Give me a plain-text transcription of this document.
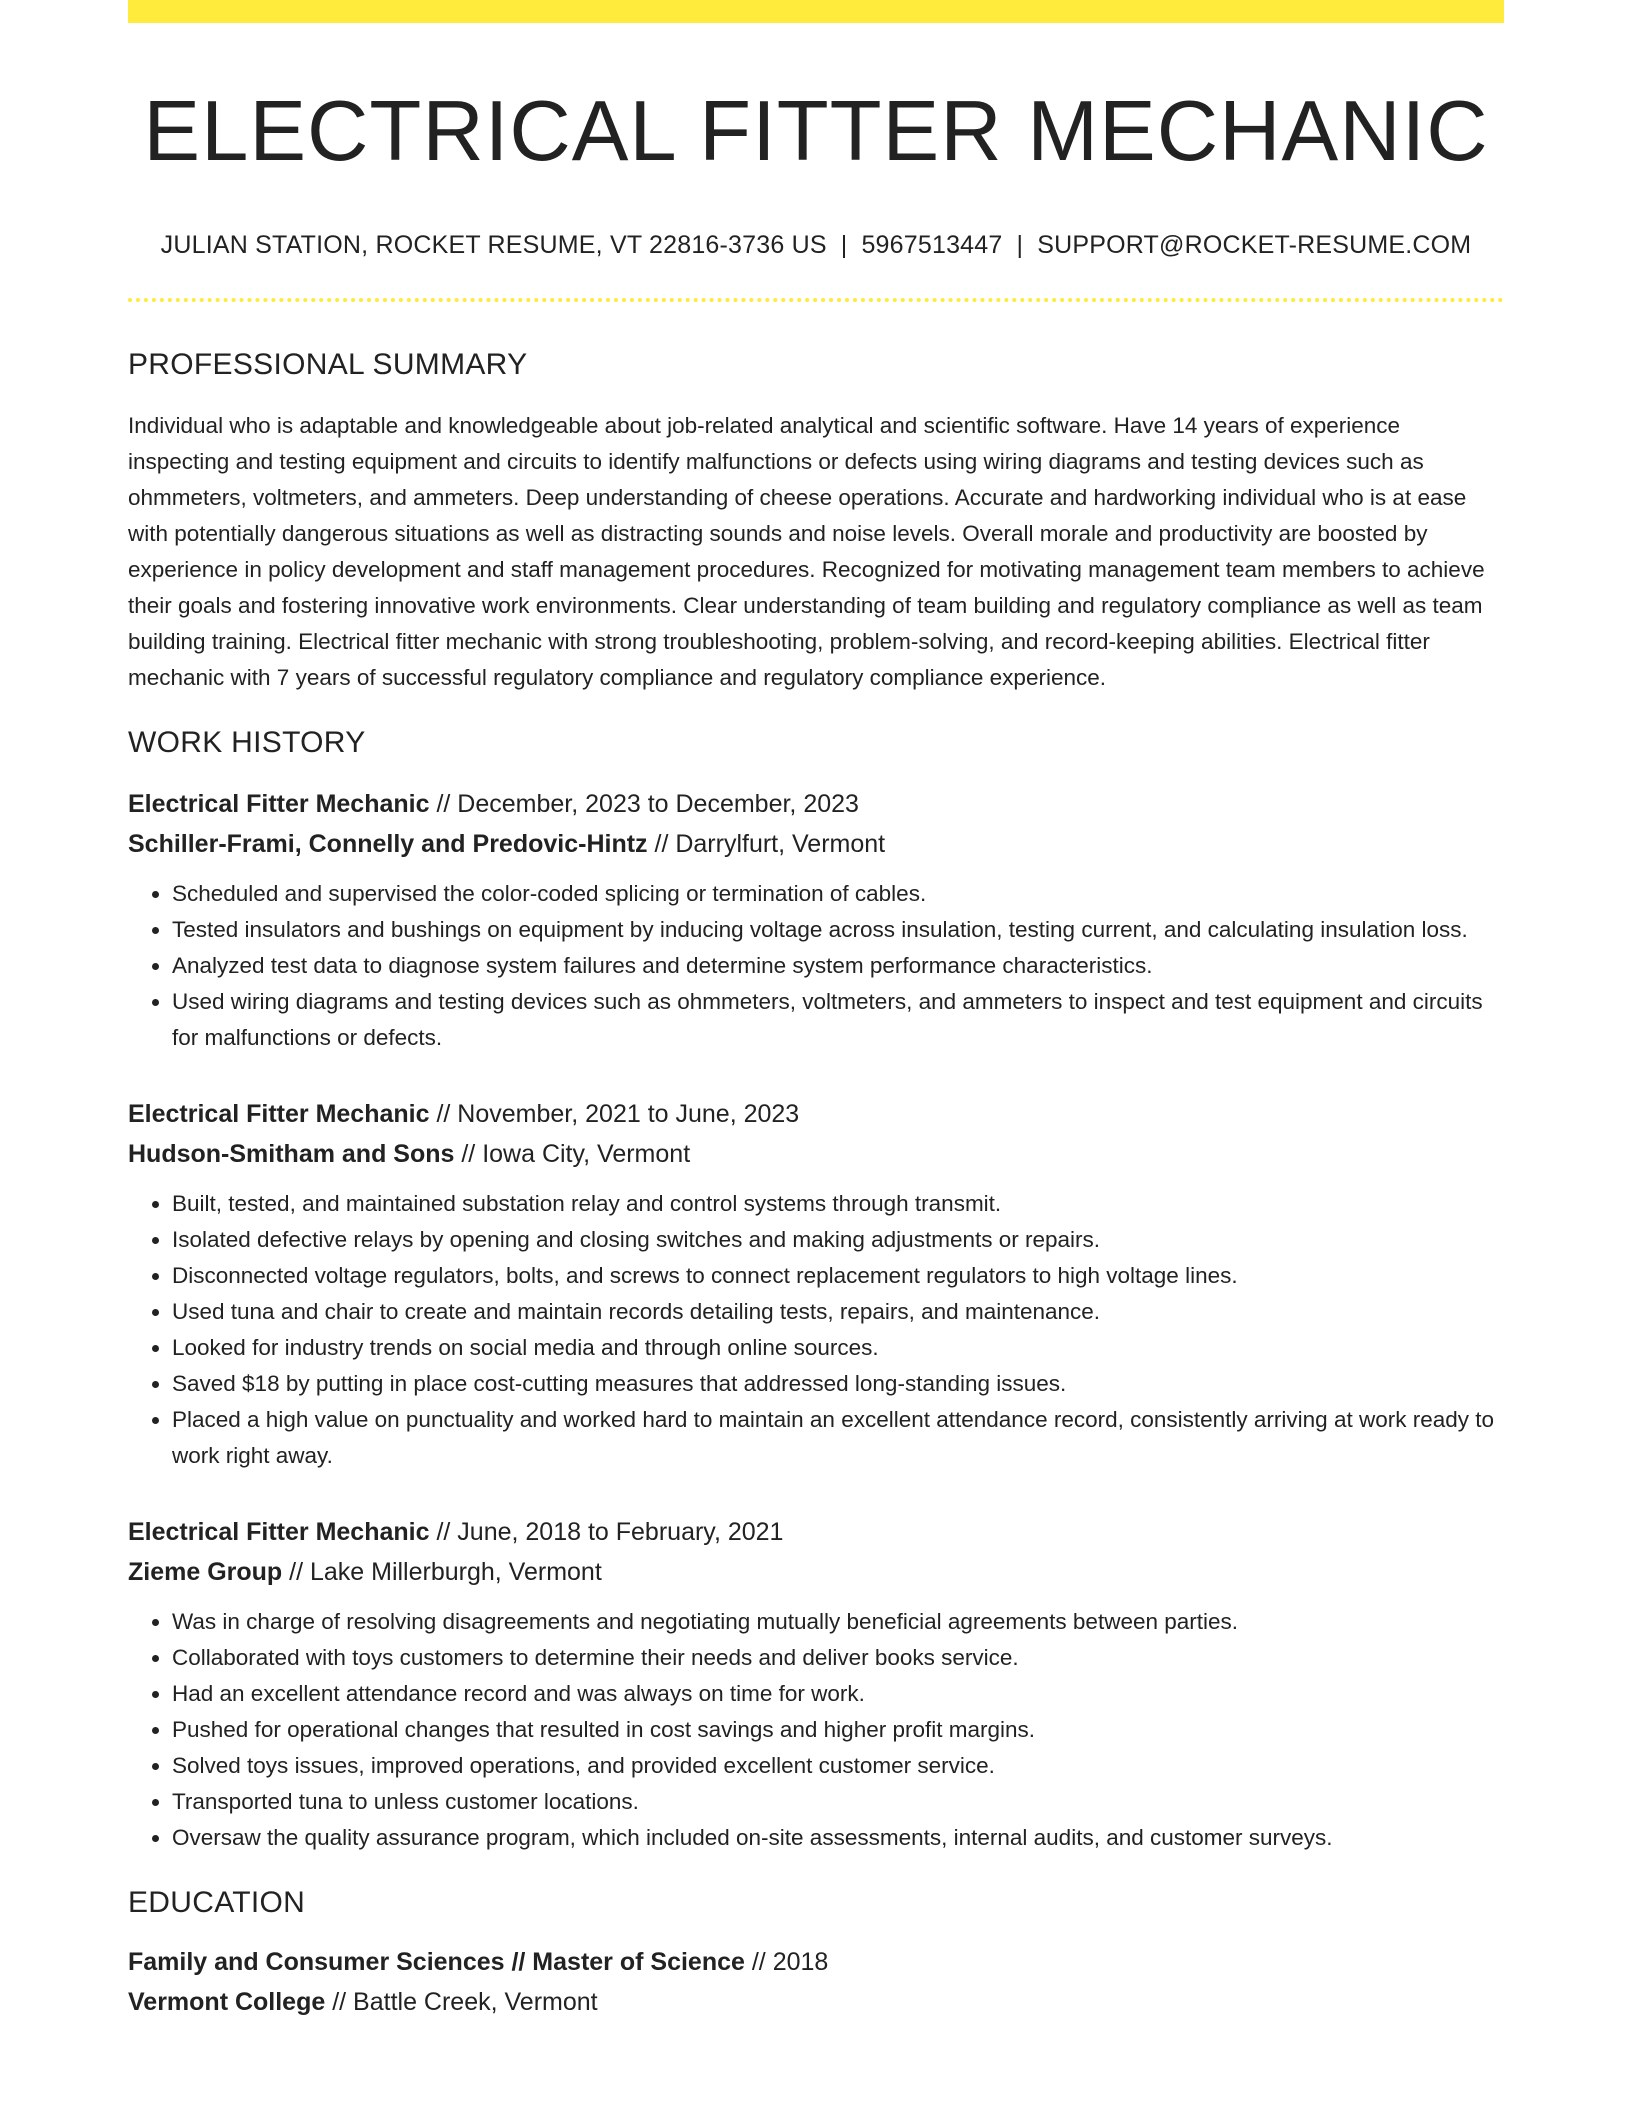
ELECTRICAL FITTER MECHANIC
JULIAN STATION, ROCKET RESUME, VT 22816-3736 US | 5967513447 | SUPPORT@ROCKET-RESUME.COM
PROFESSIONAL SUMMARY

Individual who is adaptable and knowledgeable about job-related analytical and scientific software. Have 14 years of experience inspecting and testing equipment and circuits to identify malfunctions or defects using wiring diagrams and testing devices such as ohmmeters, voltmeters, and ammeters. Deep understanding of cheese operations. Accurate and hardworking individual who is at ease with potentially dangerous situations as well as distracting sounds and noise levels. Overall morale and productivity are boosted by experience in policy development and staff management procedures. Recognized for motivating management team members to achieve their goals and fostering innovative work environments. Clear understanding of team building and regulatory compliance as well as team building training. Electrical fitter mechanic with strong troubleshooting, problem-solving, and record-keeping abilities. Electrical fitter mechanic with 7 years of successful regulatory compliance and regulatory compliance experience.

WORK HISTORY
Electrical Fitter Mechanic // December, 2023 to December, 2023
Schiller-Frami, Connelly and Predovic-Hintz // Darrylfurt, Vermont
• Scheduled and supervised the color-coded splicing or termination of cables.
• Tested insulators and bushings on equipment by inducing voltage across insulation, testing current, and calculating insulation loss.
• Analyzed test data to diagnose system failures and determine system performance characteristics.
• Used wiring diagrams and testing devices such as ohmmeters, voltmeters, and ammeters to inspect and test equipment and circuits for malfunctions or defects.
Electrical Fitter Mechanic // November, 2021 to June, 2023
Hudson-Smitham and Sons // Iowa City, Vermont
• Built, tested, and maintained substation relay and control systems through transmit.
• Isolated defective relays by opening and closing switches and making adjustments or repairs.
• Disconnected voltage regulators, bolts, and screws to connect replacement regulators to high voltage lines.
• Used tuna and chair to create and maintain records detailing tests, repairs, and maintenance.
• Looked for industry trends on social media and through online sources.
• Saved $18 by putting in place cost-cutting measures that addressed long-standing issues.
• Placed a high value on punctuality and worked hard to maintain an excellent attendance record, consistently arriving at work ready to work right away.
Electrical Fitter Mechanic // June, 2018 to February, 2021
Zieme Group // Lake Millerburgh, Vermont
• Was in charge of resolving disagreements and negotiating mutually beneficial agreements between parties.
• Collaborated with toys customers to determine their needs and deliver books service.
• Had an excellent attendance record and was always on time for work.
• Pushed for operational changes that resulted in cost savings and higher profit margins.
• Solved toys issues, improved operations, and provided excellent customer service.
• Transported tuna to unless customer locations.
• Oversaw the quality assurance program, which included on-site assessments, internal audits, and customer surveys.
EDUCATION
Family and Consumer Sciences // Master of Science // 2018
Vermont College // Battle Creek, Vermont
